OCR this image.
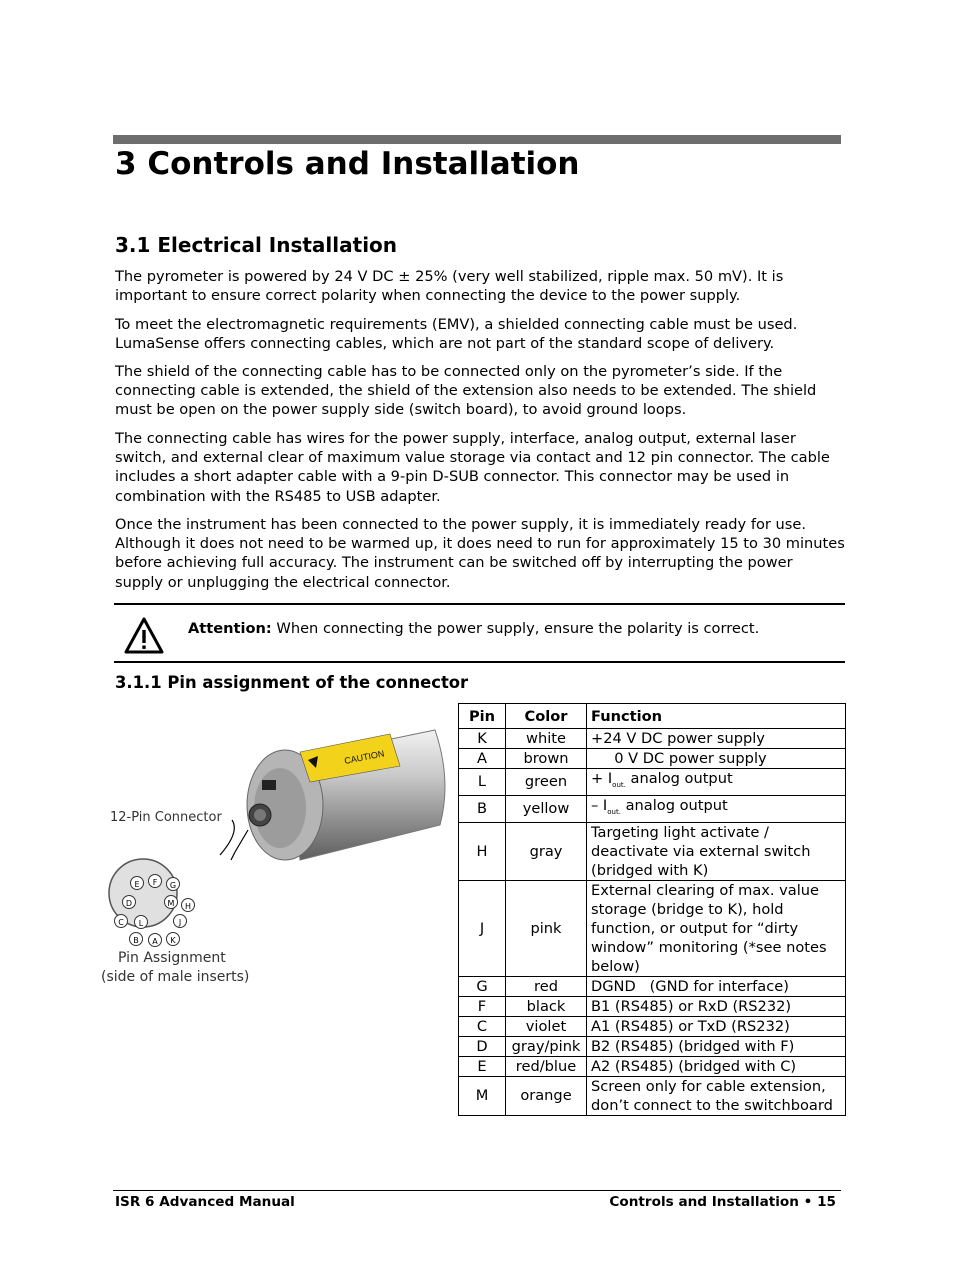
3 Controls and Installation
3.1 Electrical Installation

The pyrometer is powered by 24 V DC ± 25% (very well stabilized, ripple max. 50 mV). It is important to ensure correct polarity when connecting the device to the power supply.

To meet the electromagnetic requirements (EMV), a shielded connecting cable must be used. LumaSense offers connecting cables, which are not part of the standard scope of delivery.

The shield of the connecting cable has to be connected only on the pyrometer’s side. If the connecting cable is extended, the shield of the extension also needs to be extended. The shield must be open on the power supply side (switch board), to avoid ground loops.

The connecting cable has wires for the power supply, interface, analog output, external laser switch, and external clear of maximum value storage via contact and 12 pin connector. The cable includes a short adapter cable with a 9-pin D-SUB connector. This connector may be used in combination with the RS485 to USB adapter.

Once the instrument has been connected to the power supply, it is immediately ready for use. Although it does not need to be warmed up, it does need to run for approximately 15 to 30 minutes before achieving full accuracy. The instrument can be switched off by interrupting the power supply or unplugging the electrical connector.

Attention: When connecting the power supply, ensure the polarity is correct.
3.1.1 Pin assignment of the connector
CAUTION
12-Pin Connector
E F G
D	M H
C L	J
B A K
Pin Assignment
(side of male inserts)
Pin	Color	Function
K	white	+24 V DC power supply
A	brown	0 V DC power supply
L	green	+ $I_{out.}$ analog output
B	yellow	– $I_{out.}$ analog output
H	gray	Targeting light activate / deactivate via external switch (bridged with K)
J	pink	External clearing of max. value storage (bridge to K), hold function, or output for “dirty window” monitoring (*see notes below)
G	red	DGND   (GND for interface)
F	black	B1 (RS485) or RxD (RS232)
C	violet	A1 (RS485) or TxD (RS232)
D	gray/pink	B2 (RS485) (bridged with F)
E	red/blue	A2 (RS485) (bridged with C)
M	orange	Screen only for cable extension, don’t connect to the switchboard
ISR 6 Advanced Manual	Controls and Installation • 15
